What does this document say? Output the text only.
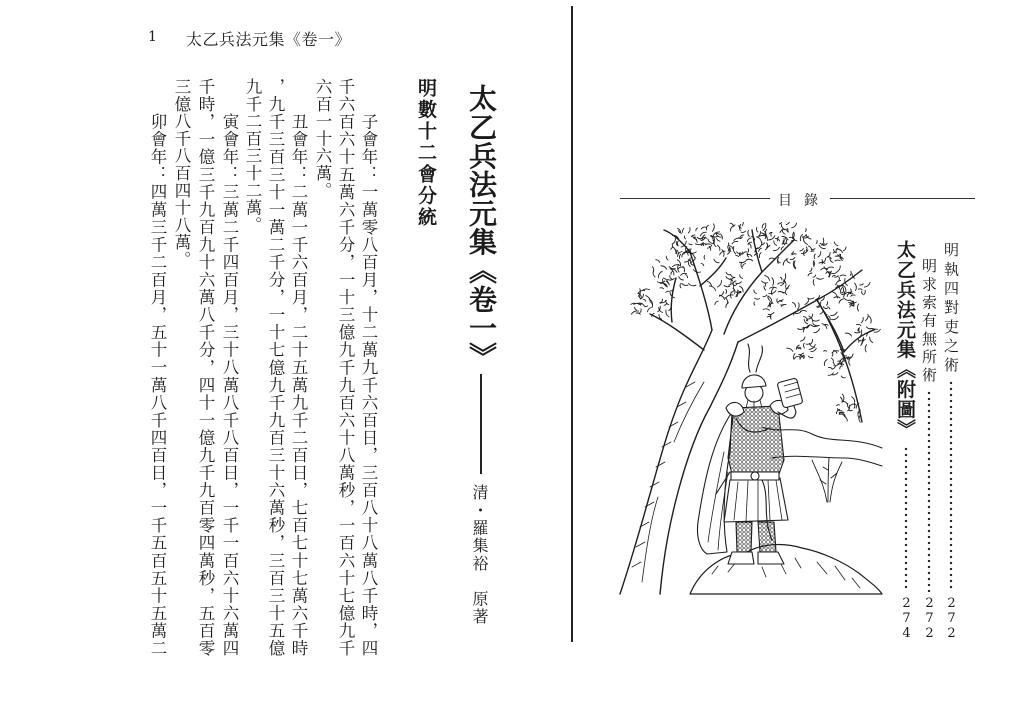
1 太乙兵法元集《卷一》
太乙兵法元集《卷一》
清・羅集裕　原著
明數十二會分統
子會年：一萬零八百月，十二萬九千六百日，三百八十八萬八千時，四
千六百六十五萬六千分，一十三億九千九百六十八萬秒，一百六十七億九千
六百一十六萬。
丑會年：二萬一千六百月，二十五萬九千二百日，七百七十七萬六千時
，九千三百三十一萬二千分，一十七億九千九百三十六萬秒，三百三十五億
九千二百三十二萬。
寅會年：三萬二千四百月，三十八萬八千八百日，一千一百六十六萬四
千時，一億三千九百九十六萬八千分，四十一億九千九百零四萬秒，五百零
三億八千八百四十八萬。
卯會年：四萬三千二百月，五十一萬八千四百日，一千五百五十五萬二	目錄
明執四對吏之術
272
明求索有無所術
272
太乙兵法元集《附圖》
274
